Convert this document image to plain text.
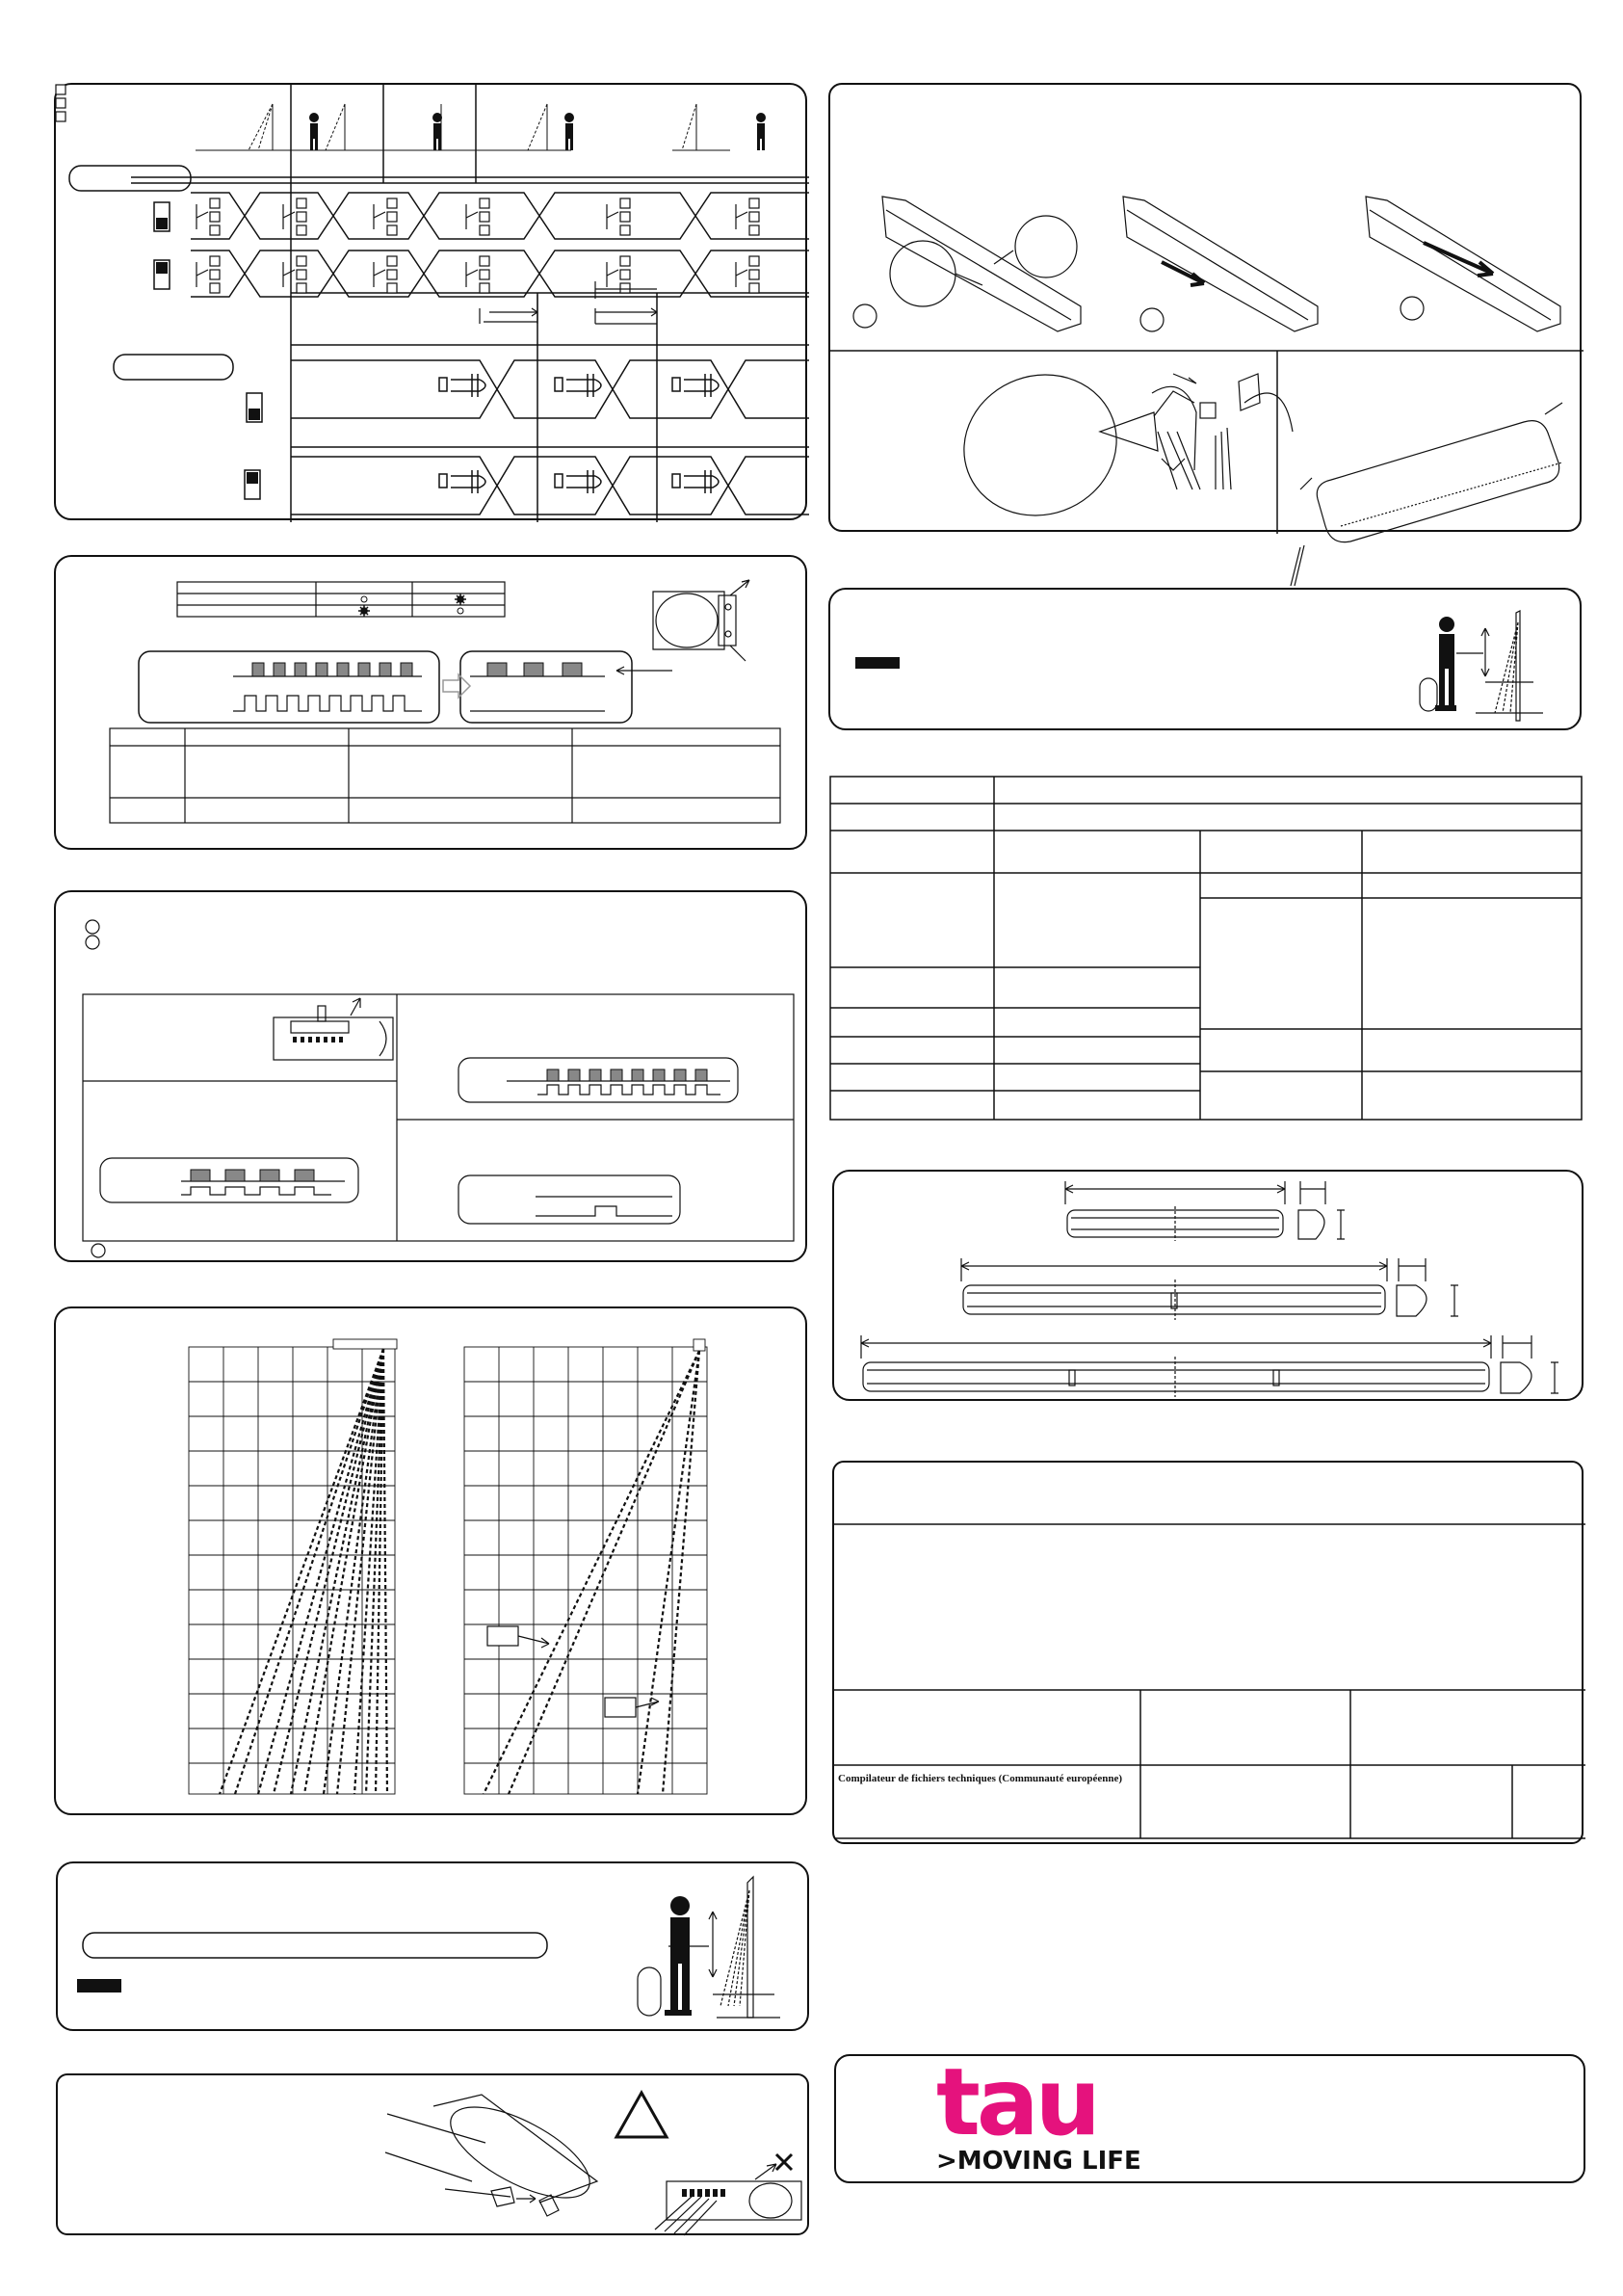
Compilateur de fichiers techniques (Communauté européenne)
tau
>MOVING LIFE
